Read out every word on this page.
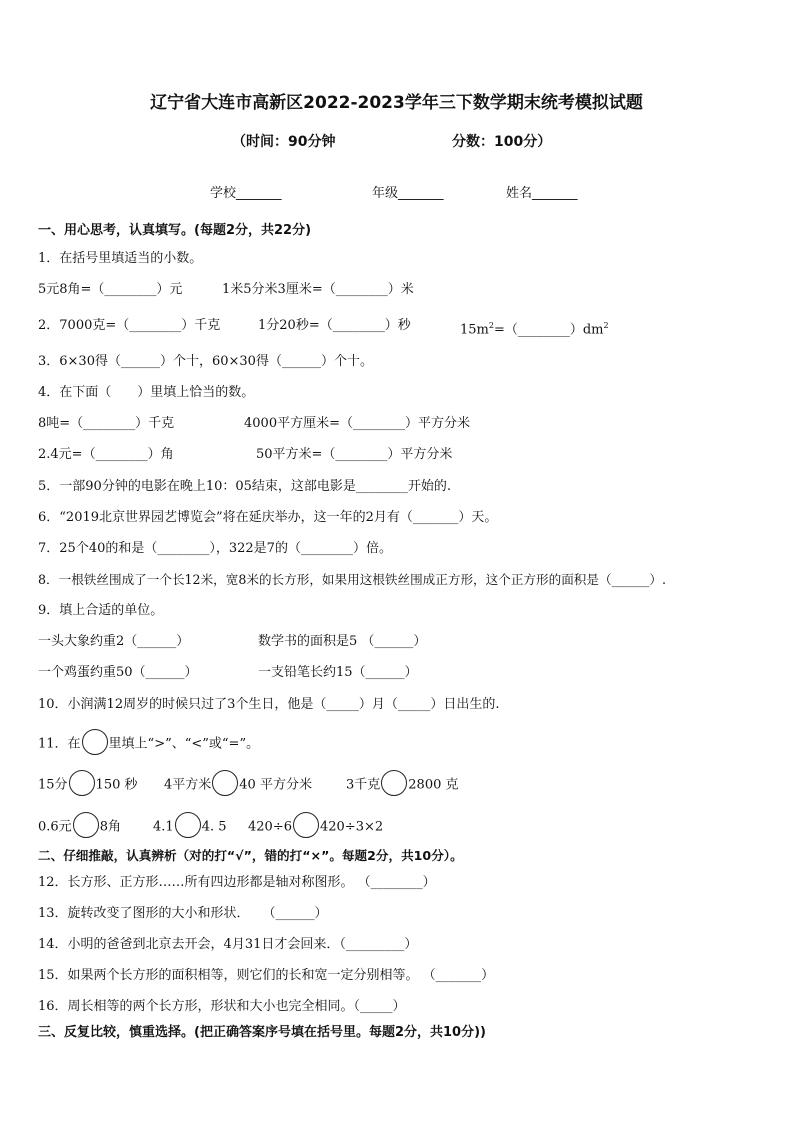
辽宁省大连市高新区2022-2023学年三下数学期末统考模拟试题
（时间：90分钟	分数：100分）
学校_______	年级_______	姓名_______
一、用心思考，认真填写。(每题2分，共22分)
1．在括号里填适当的小数。
5元8角=（________）元	1米5分米3厘米=（________）米
2．7000克=（________）千克	1分20秒=（________）秒	$15m^2=(\_\_\_\_\_\_\_\_)dm^2$
3．6×30得（______）个十，60×30得（______）个十。
4．在下面（　　）里填上恰当的数。
8吨=（________）千克	4000平方厘米=（________）平方分米
2.4元=（________）角	50平方米=（________）平方分米
5．一部90分钟的电影在晚上10：05结束，这部电影是________开始的.
6．“2019北京世界园艺博览会”将在延庆举办，这一年的2月有（_______）天。
7．25个40的和是（________），322是7的（________）倍。
8．一根铁丝围成了一个长12米，宽8米的长方形，如果用这根铁丝围成正方形，这个正方形的面积是（______）.
9．填上合适的单位。
一头大象约重2（______）	数学书的面积是5 （______）
一个鸡蛋约重50（______）	一支铅笔长约15（______）
10．小润满12周岁的时候只过了3个生日，他是（_____）月（_____）日出生的.
11．在 里填上“>”、“<”或“=”。
15分 150 秒 4平方米 40 平方分米	3千克 2800 克
0.6元 8角 4.1 4. 5 420÷6 420÷3×2
二、仔细推敲，认真辨析（对的打“√”，错的打“×”。每题2分，共10分）。
12．长方形、正方形……所有四边形都是轴对称图形。 （________）
13．旋转改变了图形的大小和形状．　　（______）
14．小明的爸爸到北京去开会，4月31日才会回来．（_________）
15．如果两个长方形的面积相等，则它们的长和宽一定分别相等。 （_______）
16．周长相等的两个长方形，形状和大小也完全相同。（_____）
三、反复比较，慎重选择。(把正确答案序号填在括号里。每题2分，共10分))
